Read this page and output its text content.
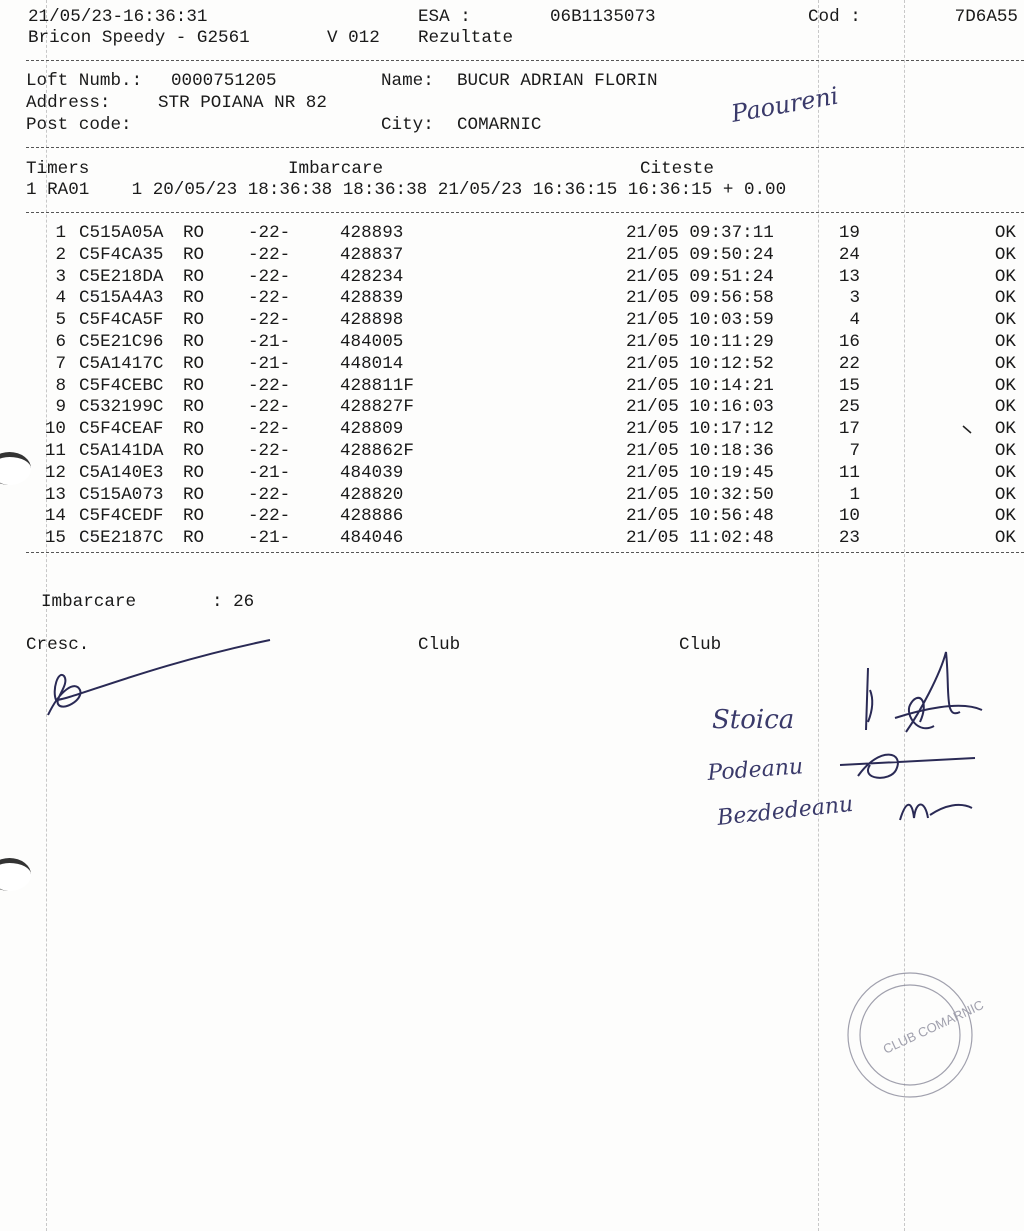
21/05/23-16:36:31	ESA :	06B1135073	Cod :	7D6A55
Bricon Speedy - G2561	V 012 Rezultate
Loft Numb.: 0000751205	Name: BUCUR ADRIAN FLORIN
Address:	STR POIANA NR 82
Post code:	City: COMARNIC
Timers	Imbarcare	Citeste
1 RA01    1 20/05/23 18:36:38 18:36:38 21/05/23 16:36:15 16:36:15 + 0.00
1 C515A05A RO -22-	428893	21/05 09:37:11	19	OK
2 C5F4CA35 RO -22-	428837	21/05 09:50:24	24	OK
3 C5E218DA RO -22-	428234	21/05 09:51:24	13	OK
4 C515A4A3 RO -22-	428839	21/05 09:56:58	3	OK
5 C5F4CA5F RO -22-	428898	21/05 10:03:59	4	OK
6 C5E21C96 RO -21-	484005	21/05 10:11:29	16	OK
7 C5A1417C RO -21-	448014	21/05 10:12:52	22	OK
8 C5F4CEBC RO -22-	428811F	21/05 10:14:21	15	OK
9 C532199C RO -22-	428827F	21/05 10:16:03	25	OK
10 C5F4CEAF RO -22-	428809	21/05 10:17:12	17	OK
11 C5A141DA RO -22-	428862F	21/05 10:18:36	7	OK
12 C5A140E3 RO -21-	484039	21/05 10:19:45	11	OK
13 C515A073 RO -22-	428820	21/05 10:32:50	1	OK
14 C5F4CEDF RO -22-	428886	21/05 10:56:48	10	OK
15 C5E2187C RO -21-	484046	21/05 11:02:48	23	OK
Imbarcare	: 26
Cresc.	Club	Club
Paoureni
Stoica
Podeanu
Bezdedeanu
CLUB COMARNIC
